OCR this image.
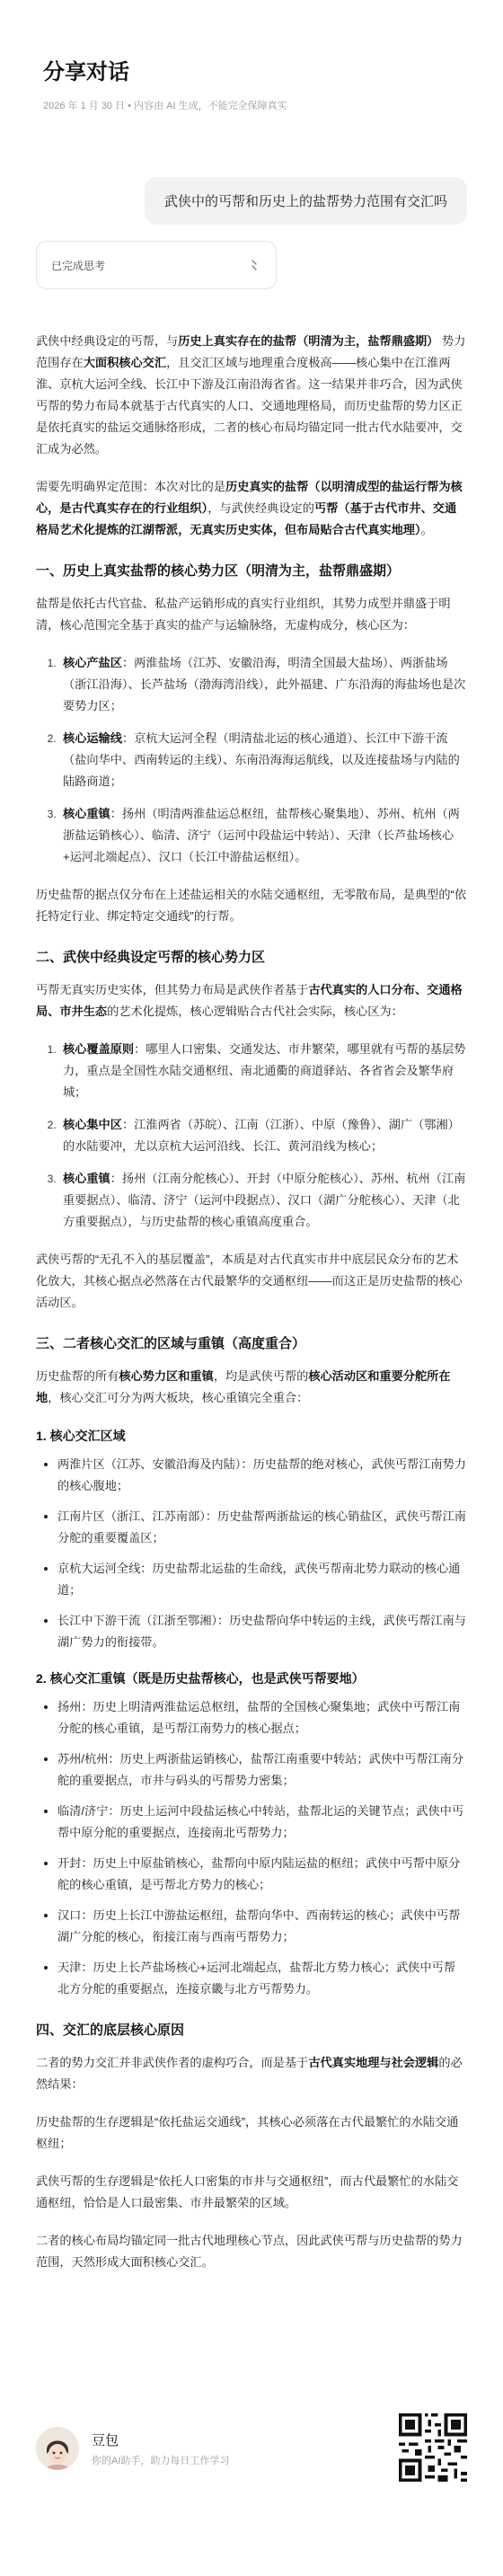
分享对话
2026 年 1 月 30 日 • 内容由 AI 生成，不能完全保障真实
武侠中的丐帮和历史上的盐帮势力范围有交汇吗
已完成思考

武侠中经典设定的丐帮，与历史上真实存在的盐帮（明清为主，盐帮鼎盛期） 势力范围存在大面积核心交汇，且交汇区域与地理重合度极高——核心集中在江淮两淮、京杭大运河全线、长江中下游及江南沿海省省。这一结果并非巧合，因为武侠丐帮的势力布局本就基于古代真实的人口、交通地理格局，而历史盐帮的势力区正是依托真实的盐运交通脉络形成，二者的核心布局均锚定同一批古代水陆要冲，交汇成为必然。

需要先明确界定范围：本次对比的是历史真实的盐帮（以明清成型的盐运行帮为核心，是古代真实存在的行业组织），与武侠经典设定的丐帮（基于古代市井、交通格局艺术化提炼的江湖帮派，无真实历史实体，但布局贴合古代真实地理）。

一、历史上真实盐帮的核心势力区（明清为主，盐帮鼎盛期）

盐帮是依托古代官盐、私盐产运销形成的真实行业组织，其势力成型并鼎盛于明清，核心范围完全基于真实的盐产与运输脉络，无虚构成分，核心区为：

1. 核心产盐区：两淮盐场（江苏、安徽沿海，明清全国最大盐场）、两浙盐场（浙江沿海）、长芦盐场（渤海湾沿线），此外福建、广东沿海的海盐场也是次要势力区；
2. 核心运输线：京杭大运河全程（明清盐北运的核心通道）、长江中下游干流（盐向华中、西南转运的主线）、东南沿海海运航线，以及连接盐场与内陆的陆路商道；
3. 核心重镇：扬州（明清两淮盐运总枢纽，盐帮核心聚集地）、苏州、杭州（两浙盐运销核心）、临清、济宁（运河中段盐运中转站）、天津（长芦盐场核心+运河北端起点）、汉口（长江中游盐运枢纽）。

历史盐帮的据点仅分布在上述盐运相关的水陆交通枢纽，无零散布局，是典型的“依托特定行业、绑定特定交通线”的行帮。

二、武侠中经典设定丐帮的核心势力区

丐帮无真实历史实体，但其势力布局是武侠作者基于古代真实的人口分布、交通格局、市井生态的艺术化提炼，核心逻辑贴合古代社会实际，核心区为：

1. 核心覆盖原则：哪里人口密集、交通发达、市井繁荣，哪里就有丐帮的基层势力，重点是全国性水陆交通枢纽、南北通衢的商道驿站、各省省会及繁华府城；
2. 核心集中区：江淮两省（苏皖）、江南（江浙）、中原（豫鲁）、湖广（鄂湘）的水陆要冲，尤以京杭大运河沿线、长江、黄河沿线为核心；
3. 核心重镇：扬州（江南分舵核心）、开封（中原分舵核心）、苏州、杭州（江南重要据点）、临清、济宁（运河中段据点）、汉口（湖广分舵核心）、天津（北方重要据点），与历史盐帮的核心重镇高度重合。

武侠丐帮的“无孔不入的基层覆盖”，本质是对古代真实市井中底层民众分布的艺术化放大，其核心据点必然落在古代最繁华的交通枢纽——而这正是历史盐帮的核心活动区。

三、二者核心交汇的区域与重镇（高度重合）

历史盐帮的所有核心势力区和重镇，均是武侠丐帮的核心活动区和重要分舵所在地，核心交汇可分为两大板块，核心重镇完全重合：

1. 核心交汇区域
• 两淮片区（江苏、安徽沿海及内陆）：历史盐帮的绝对核心，武侠丐帮江南势力的核心腹地；
• 江南片区（浙江、江苏南部）：历史盐帮两浙盐运的核心销盐区，武侠丐帮江南分舵的重要覆盖区；
• 京杭大运河全线：历史盐帮北运盐的生命线，武侠丐帮南北势力联动的核心通道；
• 长江中下游干流（江浙至鄂湘）：历史盐帮向华中转运的主线，武侠丐帮江南与湖广势力的衔接带。
2. 核心交汇重镇（既是历史盐帮核心，也是武侠丐帮要地）
• 扬州：历史上明清两淮盐运总枢纽，盐帮的全国核心聚集地；武侠中丐帮江南分舵的核心重镇，是丐帮江南势力的核心据点；
• 苏州/杭州：历史上两浙盐运销核心，盐帮江南重要中转站；武侠中丐帮江南分舵的重要据点，市井与码头的丐帮势力密集；
• 临清/济宁：历史上运河中段盐运核心中转站，盐帮北运的关键节点；武侠中丐帮中原分舵的重要据点，连接南北丐帮势力；
• 开封：历史上中原盐销核心，盐帮向中原内陆运盐的枢纽；武侠中丐帮中原分舵的核心重镇，是丐帮北方势力的核心；
• 汉口：历史上长江中游盐运枢纽，盐帮向华中、西南转运的核心；武侠中丐帮湖广分舵的核心，衔接江南与西南丐帮势力；
• 天津：历史上长芦盐场核心+运河北端起点，盐帮北方势力核心；武侠中丐帮北方分舵的重要据点，连接京畿与北方丐帮势力。
四、交汇的底层核心原因

二者的势力交汇并非武侠作者的虚构巧合，而是基于古代真实地理与社会逻辑的必然结果：

历史盐帮的生存逻辑是“依托盐运交通线”，其核心必须落在古代最繁忙的水陆交通枢纽；

武侠丐帮的生存逻辑是“依托人口密集的市井与交通枢纽”，而古代最繁忙的水陆交通枢纽，恰恰是人口最密集、市井最繁荣的区域。

二者的核心布局均锚定同一批古代地理核心节点，因此武侠丐帮与历史盐帮的势力范围，天然形成大面积核心交汇。

豆包
你的AI助手，助力每日工作学习
